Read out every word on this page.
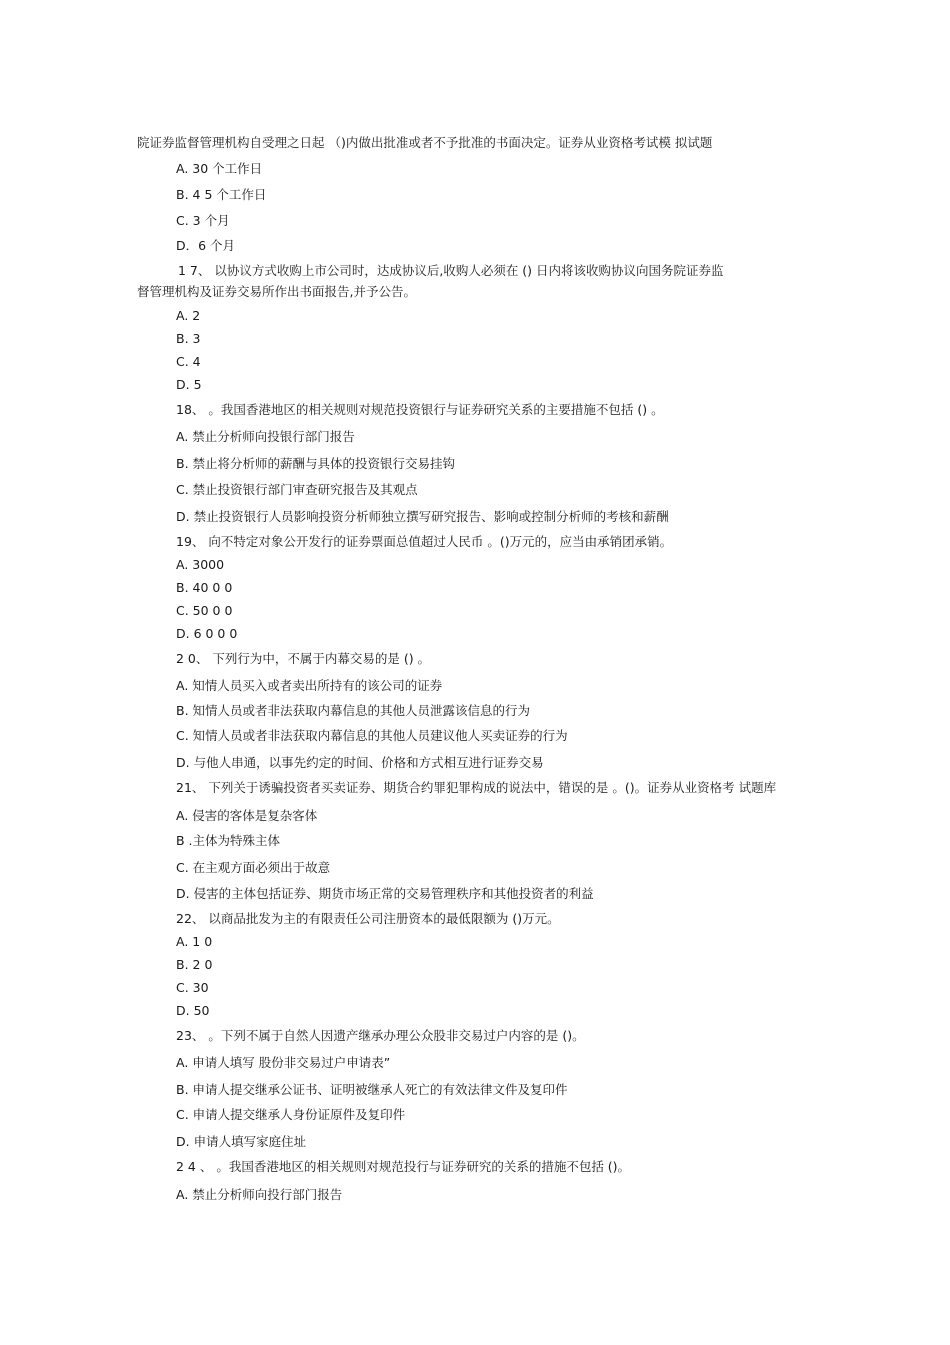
院证券监督管理机构自受理之日起 （)内做出批准或者不予批准的书面决定。证券从业资格考试模 拟试题
A. 30 个工作日
B. 4 5 个工作日
C. 3 个月
D．6 个月
1 7、 以协议方式收购上市公司时，达成协议后,收购人必须在 () 日内将该收购协议向国务院证券监
督管理机构及证券交易所作出书面报告,并予公告。
A. 2
B. 3
C. 4
D. 5
18、 。我国香港地区的相关规则对规范投资银行与证券研究关系的主要措施不包括 () 。
A. 禁止分析师向投银行部门报告
B. 禁止将分析师的薪酬与具体的投资银行交易挂钩
C. 禁止投资银行部门审查研究报告及其观点
D. 禁止投资银行人员影响投资分析师独立撰写研究报告、影响或控制分析师的考核和薪酬
19、 向不特定对象公开发行的证券票面总值超过人民币 。()万元的，应当由承销团承销。
A. 3000
B. 40 0 0
C. 50 0 0
D. 6 0 0 0
2 0、 下列行为中，不属于内幕交易的是 () 。
A. 知情人员买入或者卖出所持有的该公司的证券
B. 知情人员或者非法获取内幕信息的其他人员泄露该信息的行为
C. 知情人员或者非法获取内幕信息的其他人员建议他人买卖证券的行为
D. 与他人串通，以事先约定的时间、价格和方式相互进行证券交易
21、 下列关于诱骗投资者买卖证券、期货合约罪犯罪构成的说法中，错误的是 。()。证券从业资格考 试题库
A. 侵害的客体是复杂客体
B .主体为特殊主体
C. 在主观方面必须出于故意
D. 侵害的主体包括证券、期货市场正常的交易管理秩序和其他投资者的利益
22、 以商品批发为主的有限责任公司注册资本的最低限额为 ()万元。
A. 1 0
B. 2 0
C. 30
D. 50
23、 。下列不属于自然人因遗产继承办理公众股非交易过户内容的是 ()。
A. 申请人填写 股份非交易过户申请表”
B. 申请人提交继承公证书、证明被继承人死亡的有效法律文件及复印件
C. 申请人提交继承人身份证原件及复印件
D. 申请人填写家庭住址
2 4 、 。我国香港地区的相关规则对规范投行与证券研究的关系的措施不包括 ()。
A. 禁止分析师向投行部门报告
